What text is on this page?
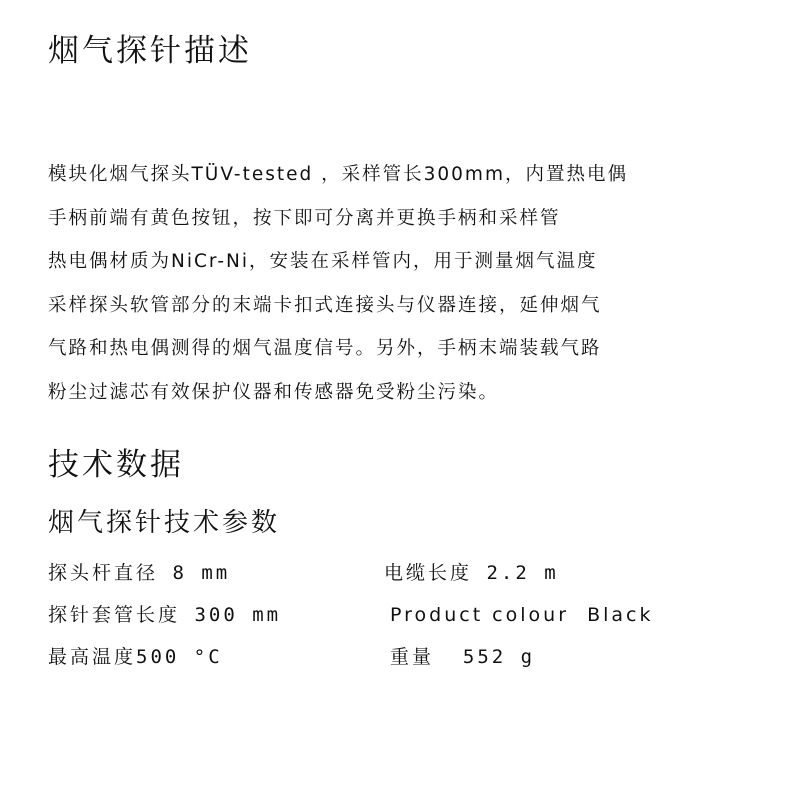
烟气探针描述
模块化烟气探头TÜV-tested ，采样管长300mm，内置热电偶
手柄前端有黄色按钮，按下即可分离并更换手柄和采样管
热电偶材质为NiCr-Ni，安装在采样管内，用于测量烟气温度
采样探头软管部分的末端卡扣式连接头与仪器连接，延伸烟气
气路和热电偶测得的烟气温度信号。另外，手柄末端装载气路
粉尘过滤芯有效保护仪器和传感器免受粉尘污染。
技术数据
烟气探针技术参数
探头杆直径 8 mm
探针套管长度 300 mm
最高温度500 °C
电缆长度 2.2 m
Product colour  Black
重量  552 g
